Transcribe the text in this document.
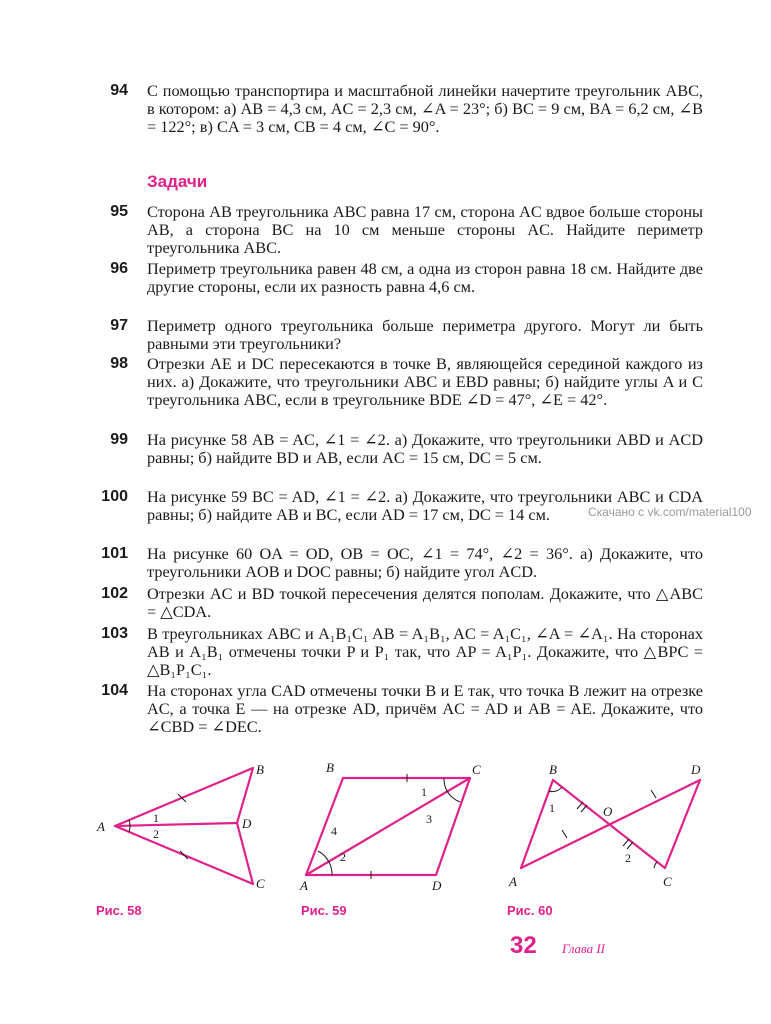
94 С помощью транспортира и масштабной линейки начертите треугольник ABC, в котором: а) AB = 4,3 см, AC = 2,3 см, ∠A = 23°; б) BC = 9 см, BA = 6,2 см, ∠B = 122°; в) CA = 3 см, CB = 4 см, ∠C = 90°.
Задачи
95 Сторона AB треугольника ABC равна 17 см, сторона AC вдвое больше стороны AB, а сторона BC на 10 см меньше стороны AC. Найдите периметр треугольника ABC.
96 Периметр треугольника равен 48 см, а одна из сторон равна 18 см. Найдите две другие стороны, если их разность равна 4,6 см.
97 Периметр одного треугольника больше периметра другого. Могут ли быть равными эти треугольники?
98 Отрезки AE и DC пересекаются в точке B, являющейся серединой каждого из них. а) Докажите, что треугольники ABC и EBD равны; б) найдите углы A и C треугольника ABC, если в треугольнике BDE ∠D = 47°, ∠E = 42°.
99 На рисунке 58 AB = AC, ∠1 = ∠2. а) Докажите, что треугольники ABD и ACD равны; б) найдите BD и AB, если AC = 15 см, DC = 5 см.
100 На рисунке 59 BC = AD, ∠1 = ∠2. а) Докажите, что треугольники ABC и CDA равны; б) найдите AB и BC, если AD = 17 см, DC = 14 см.
101 На рисунке 60 OA = OD, OB = OC, ∠1 = 74°, ∠2 = 36°. а) Докажите, что треугольники AOB и DOC равны; б) найдите угол ACD.
102 Отрезки AC и BD точкой пересечения делятся пополам. Докажите, что △ABC = △CDA.
103 В треугольниках ABC и A₁B₁C₁ AB = A₁B₁, AC = A₁C₁, ∠A = ∠A₁. На сторонах AB и A₁B₁ отмечены точки P и P₁ так, что AP = A₁P₁. Докажите, что △BPC = △B₁P₁C₁.
104 На сторонах угла CAD отмечены точки B и E так, что точка B лежит на отрезке AC, а точка E — на отрезке AD, причём AC = AD и AB = AE. Докажите, что ∠CBD = ∠DEC.
Скачано с vk.com/material100
A
B
D
C
1
2
Рис. 58
B	C
A	D
1
3
4
2
Рис. 59
B	D
O
A	C
1
2
Рис. 60
32 Глава II
